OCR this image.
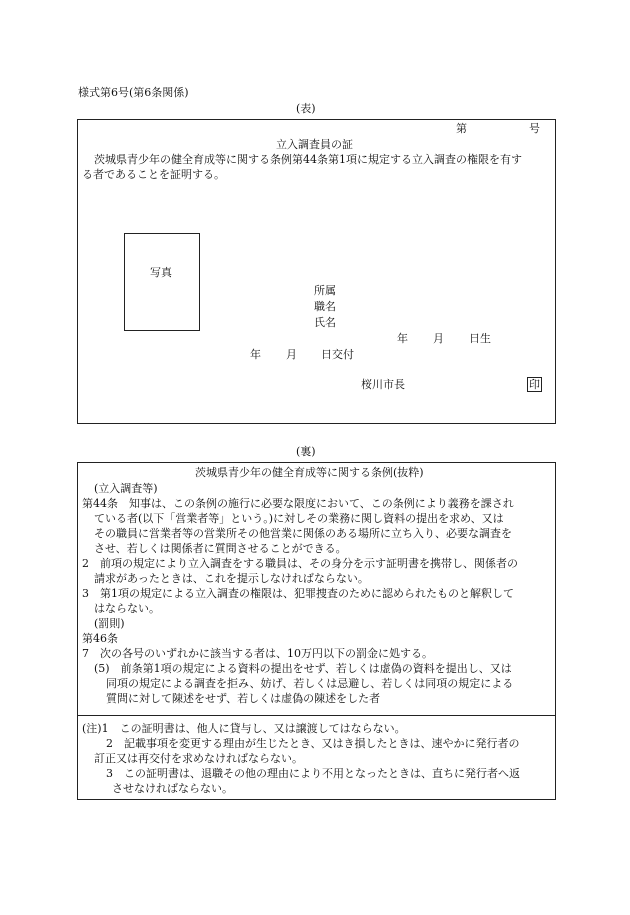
様式第6号(第6条関係)
(表)
第	号
立入調査員の証
茨城県青少年の健全育成等に関する条例第44条第1項に規定する立入調査の権限を有す
る者であることを証明する。
写真
所属
職名
氏名
年 月 日生
年 月 日交付
桜川市長	印
(裏)
茨城県青少年の健全育成等に関する条例(抜粋)
(立入調査等)
第44条　知事は、この条例の施行に必要な限度において、この条例により義務を課され
ている者(以下「営業者等」という。)に対しその業務に関し資料の提出を求め、又は
その職員に営業者等の営業所その他営業に関係のある場所に立ち入り、必要な調査を
させ、若しくは関係者に質問させることができる。
2　前項の規定により立入調査をする職員は、その身分を示す証明書を携帯し、関係者の
請求があったときは、これを提示しなければならない。
3　第1項の規定による立入調査の権限は、犯罪捜査のために認められたものと解釈して
はならない。
(罰則)
第46条
7　次の各号のいずれかに該当する者は、10万円以下の罰金に処する。
(5)　前条第1項の規定による資料の提出をせず、若しくは虚偽の資料を提出し、又は
同項の規定による調査を拒み、妨げ、若しくは忌避し、若しくは同項の規定による
質問に対して陳述をせず、若しくは虚偽の陳述をした者
(注)1　この証明書は、他人に貸与し、又は譲渡してはならない。
2　記載事項を変更する理由が生じたとき、又はき損したときは、速やかに発行者の
訂正又は再交付を求めなければならない。
3　この証明書は、退職その他の理由により不用となったときは、直ちに発行者へ返
させなければならない。
